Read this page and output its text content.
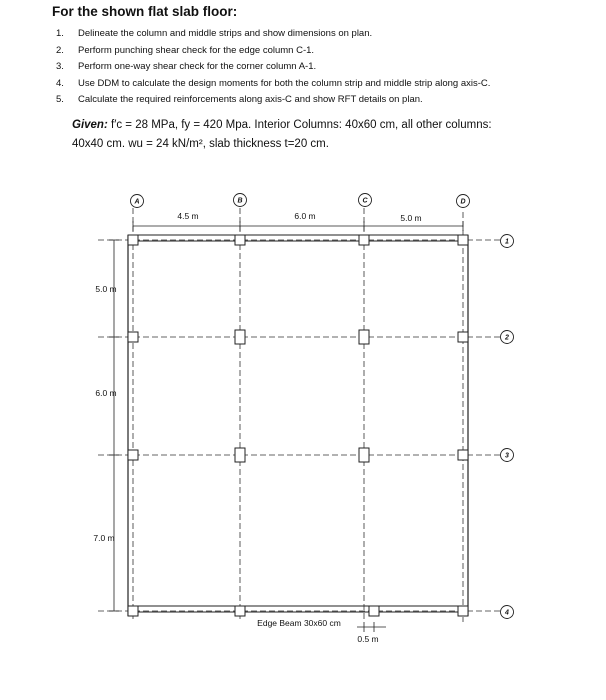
For the shown flat slab floor:
1. Delineate the column and middle strips and show dimensions on plan.
2. Perform punching shear check for the edge column C-1.
3. Perform one-way shear check for the corner column A-1.
4. Use DDM to calculate the design moments for both the column strip and middle strip along axis-C.
5. Calculate the required reinforcements along axis-C and show RFT details on plan.
Given: f′c = 28 MPa, fy = 420 Mpa. Interior Columns: 40x60 cm, all other columns:
40x40 cm. wu = 24 kN/m², slab thickness t=20 cm.
4.5 m	6.0 m	5.0 m
5.0 m
6.0 m
7.0 m
A	B	C	D
1
2
3
4
Edge Beam 30x60 cm
0.5 m
